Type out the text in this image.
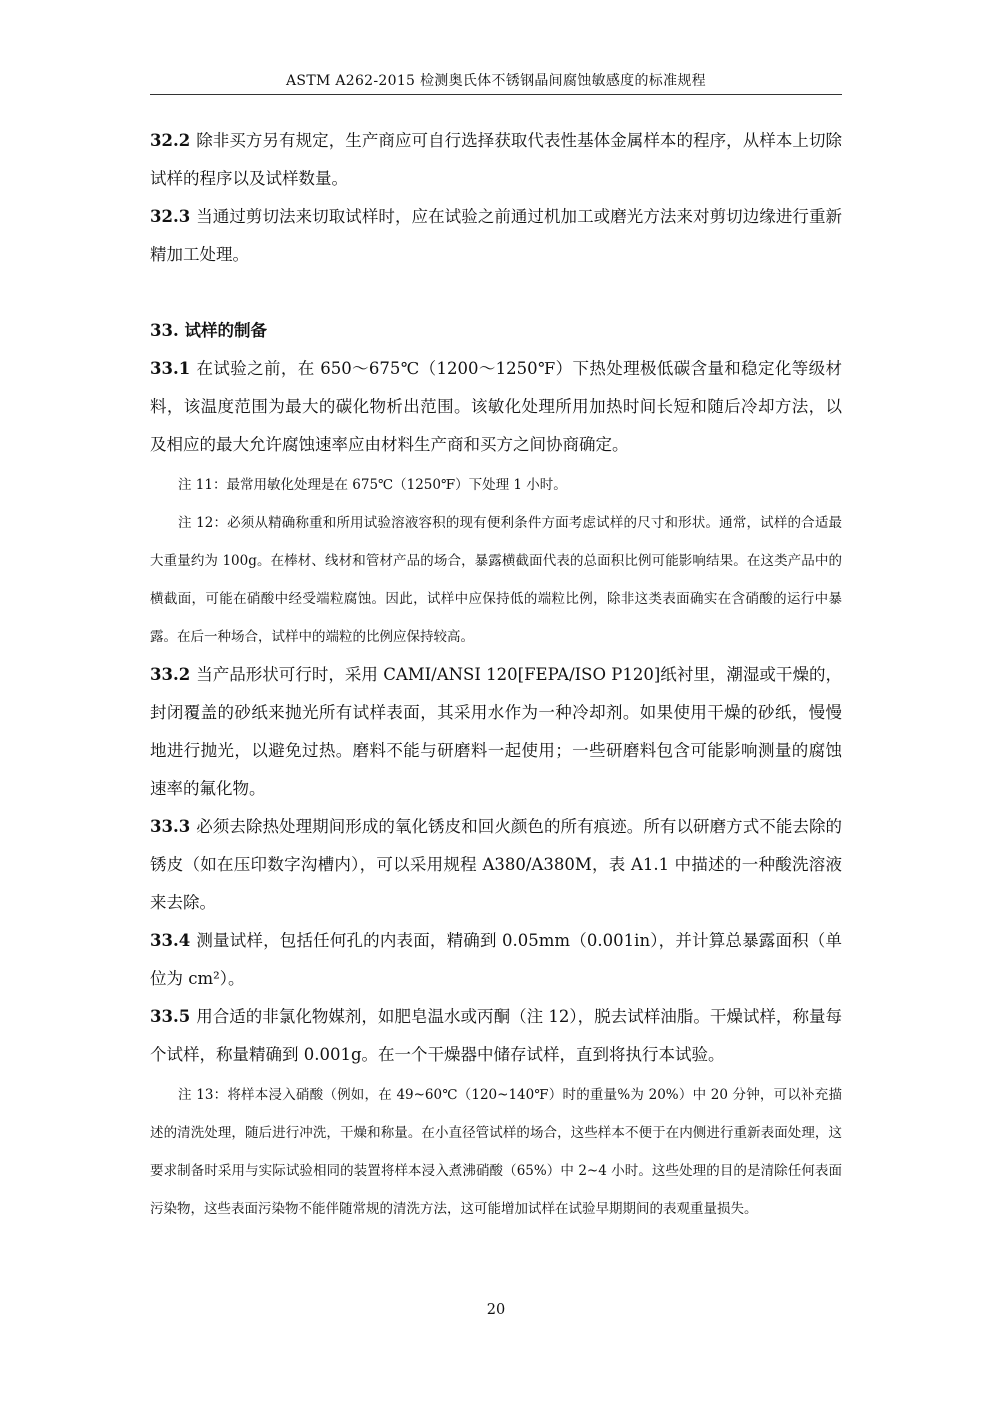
ASTM A262-2015 检测奥氏体不锈钢晶间腐蚀敏感度的标准规程

32.2 除非买方另有规定，生产商应可自行选择获取代表性基体金属样本的程序，从样本上切除试样的程序以及试样数量。

32.3 当通过剪切法来切取试样时，应在试验之前通过机加工或磨光方法来对剪切边缘进行重新精加工处理。

33. 试样的制备

33.1 在试验之前，在 650～675℃（1200～1250℉）下热处理极低碳含量和稳定化等级材料，该温度范围为最大的碳化物析出范围。该敏化处理所用加热时间长短和随后冷却方法，以及相应的最大允许腐蚀速率应由材料生产商和买方之间协商确定。

注 11：最常用敏化处理是在 675℃（1250℉）下处理 1 小时。

注 12：必须从精确称重和所用试验溶液容积的现有便利条件方面考虑试样的尺寸和形状。通常，试样的合适最大重量约为 100g。在棒材、线材和管材产品的场合，暴露横截面代表的总面积比例可能影响结果。在这类产品中的横截面，可能在硝酸中经受端粒腐蚀。因此，试样中应保持低的端粒比例，除非这类表面确实在含硝酸的运行中暴露。在后一种场合，试样中的端粒的比例应保持较高。

33.2 当产品形状可行时，采用 CAMI/ANSI 120[FEPA/ISO P120]纸衬里，潮湿或干燥的，封闭覆盖的砂纸来抛光所有试样表面，其采用水作为一种冷却剂。如果使用干燥的砂纸，慢慢地进行抛光，以避免过热。磨料不能与研磨料一起使用；一些研磨料包含可能影响测量的腐蚀速率的氟化物。

33.3 必须去除热处理期间形成的氧化锈皮和回火颜色的所有痕迹。所有以研磨方式不能去除的锈皮（如在压印数字沟槽内），可以采用规程 A380/A380M，表 A1.1 中描述的一种酸洗溶液来去除。

33.4 测量试样，包括任何孔的内表面，精确到 0.05mm（0.001in），并计算总暴露面积（单位为 cm²）。

33.5 用合适的非氯化物媒剂，如肥皂温水或丙酮（注 12），脱去试样油脂。干燥试样，称量每个试样，称量精确到 0.001g。在一个干燥器中储存试样，直到将执行本试验。

注 13：将样本浸入硝酸（例如，在 49~60℃（120~140℉）时的重量%为 20%）中 20 分钟，可以补充描述的清洗处理，随后进行冲洗，干燥和称量。在小直径管试样的场合，这些样本不便于在内侧进行重新表面处理，这要求制备时采用与实际试验相同的装置将样本浸入煮沸硝酸（65%）中 2~4 小时。这些处理的目的是清除任何表面污染物，这些表面污染物不能伴随常规的清洗方法，这可能增加试样在试验早期期间的表观重量损失。

20
